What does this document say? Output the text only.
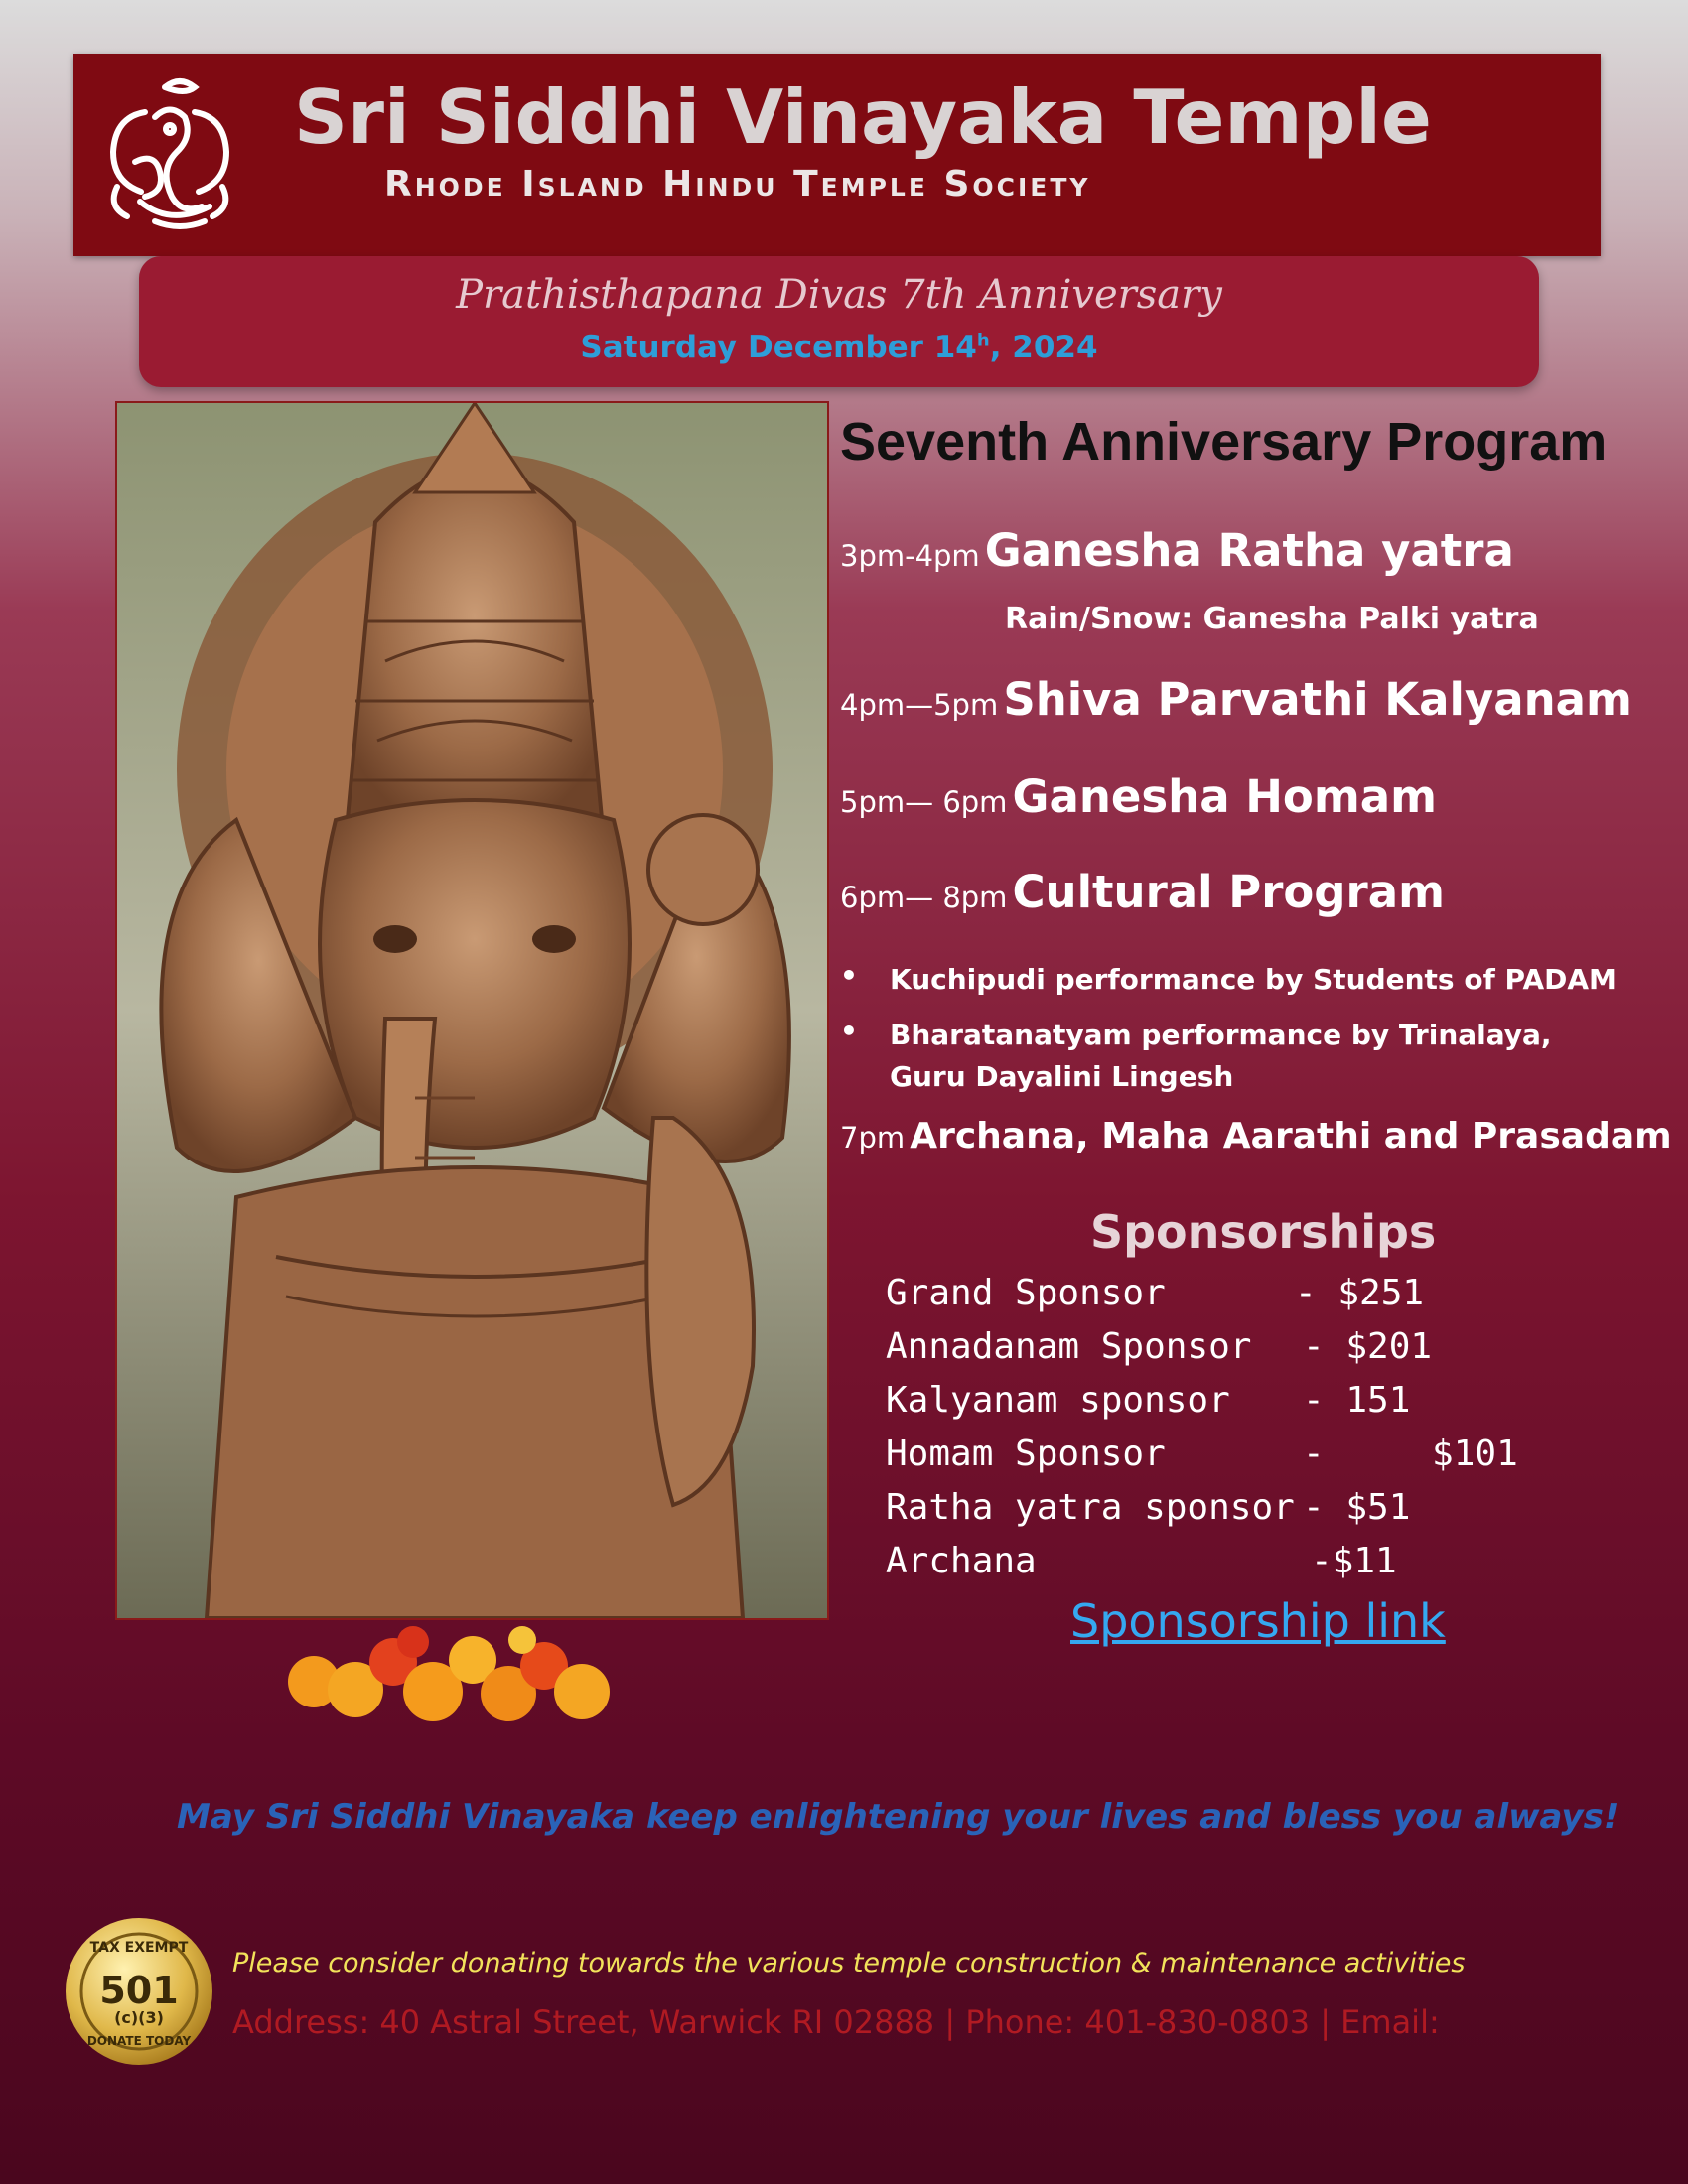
Sri Siddhi Vinayaka Temple
Rhode Island Hindu Temple Society
Prathisthapana Divas 7th Anniversary
Saturday December 14$^h$, 2024
Seventh Anniversary Program
3pm-4pm Ganesha Ratha yatra
Rain/Snow: Ganesha Palki yatra
4pm—5pm Shiva Parvathi Kalyanam
5pm— 6pm Ganesha Homam
6pm— 8pm Cultural Program
• Kuchipudi performance by Students of PADAM
• Bharatanatyam performance by Trinalaya,
Guru Dayalini Lingesh
7pm Archana, Maha Aarathi and Prasadam
Sponsorships
Grand Sponsor	- $251
Annadanam Sponsor - $201
Kalyanam sponsor - 151
Homam Sponsor	-     $101
Ratha yatra sponsor - $51
Archana	-$11
Sponsorship link
May Sri Siddhi Vinayaka keep enlightening your lives and bless you always!
TAX EXEMPT
501
(c)(3)
DONATE TODAY
Please consider donating towards the various temple construction & maintenance activities
Address: 40 Astral Street, Warwick RI 02888 | Phone: 401-830-0803 | Email:
